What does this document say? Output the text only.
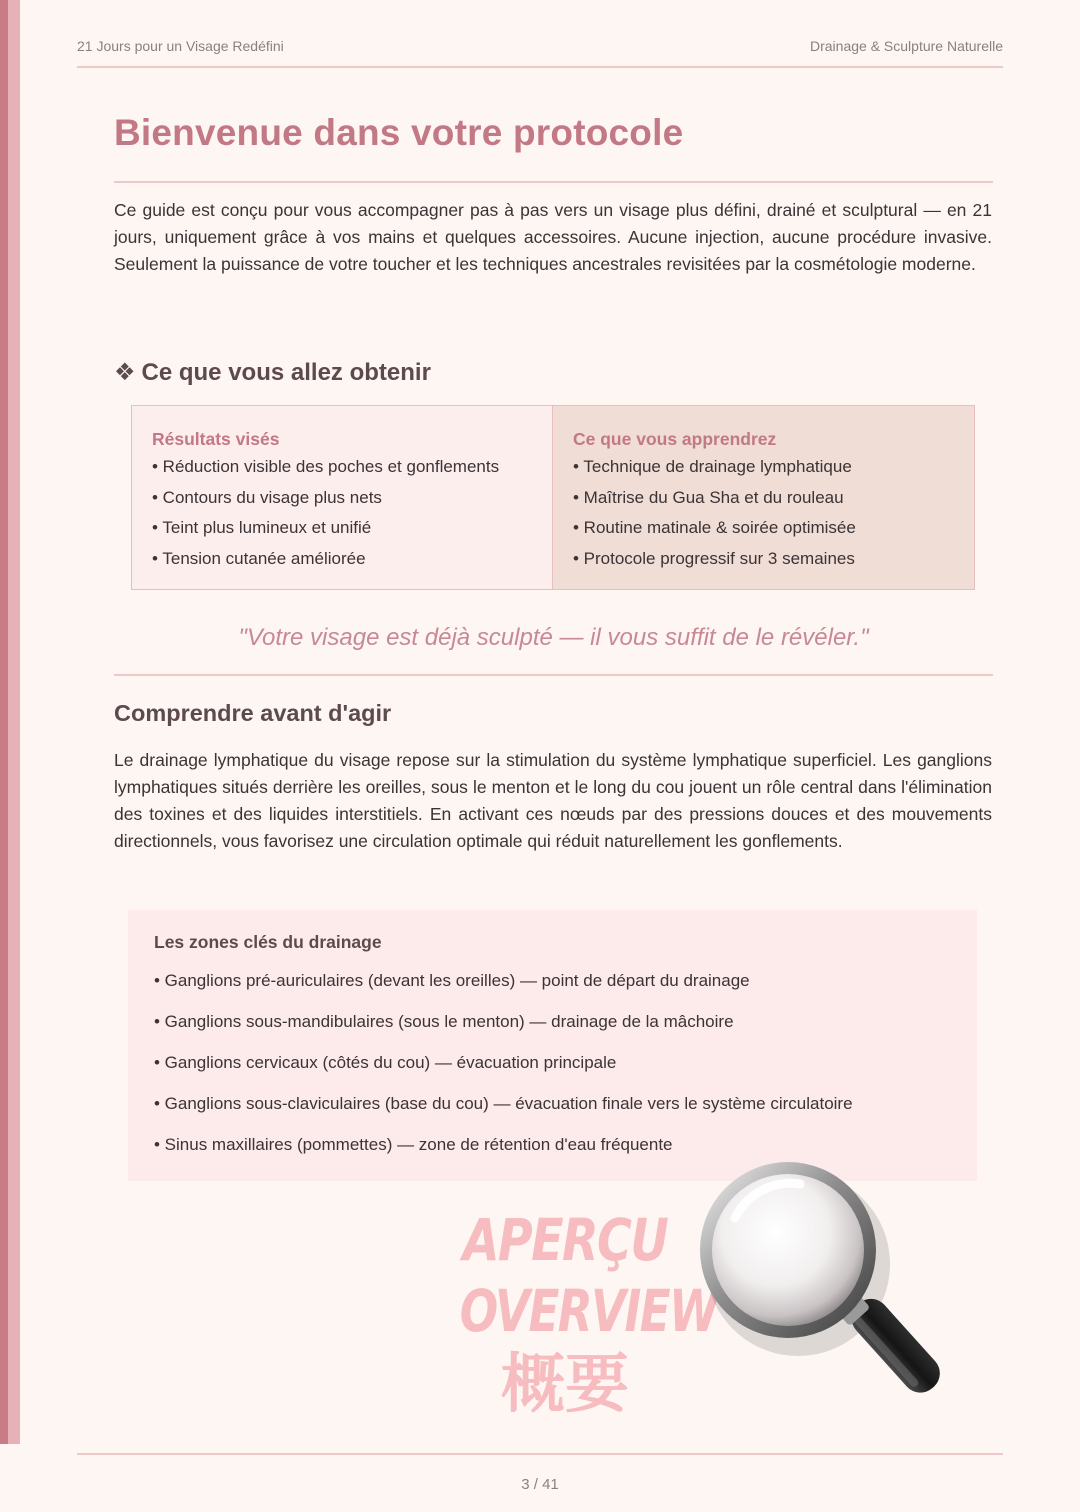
21 Jours pour un Visage Redéfini	Drainage & Sculpture Naturelle
Bienvenue dans votre protocole

Ce guide est conçu pour vous accompagner pas à pas vers un visage plus défini, drainé et sculptural — en 21 jours, uniquement grâce à vos mains et quelques accessoires. Aucune injection, aucune procédure invasive. Seulement la puissance de votre toucher et les techniques ancestrales revisitées par la cosmétologie moderne.

❖ Ce que vous allez obtenir
Résultats visés
• Réduction visible des poches et gonflements
• Contours du visage plus nets
• Teint plus lumineux et unifié
• Tension cutanée améliorée
Ce que vous apprendrez
• Technique de drainage lymphatique
• Maîtrise du Gua Sha et du rouleau
• Routine matinale & soirée optimisée
• Protocole progressif sur 3 semaines

"Votre visage est déjà sculpté — il vous suffit de le révéler."

Comprendre avant d'agir

Le drainage lymphatique du visage repose sur la stimulation du système lymphatique superficiel. Les ganglions lymphatiques situés derrière les oreilles, sous le menton et le long du cou jouent un rôle central dans l'élimination des toxines et des liquides interstitiels. En activant ces nœuds par des pressions douces et des mouvements directionnels, vous favorisez une circulation optimale qui réduit naturellement les gonflements.

Les zones clés du drainage
• Ganglions pré-auriculaires (devant les oreilles) — point de départ du drainage
• Ganglions sous-mandibulaires (sous le menton) — drainage de la mâchoire
• Ganglions cervicaux (côtés du cou) — évacuation principale
• Ganglions sous-claviculaires (base du cou) — évacuation finale vers le système circulatoire
• Sinus maxillaires (pommettes) — zone de rétention d'eau fréquente
APERÇU
OVERVIEW
概要
3 / 41
